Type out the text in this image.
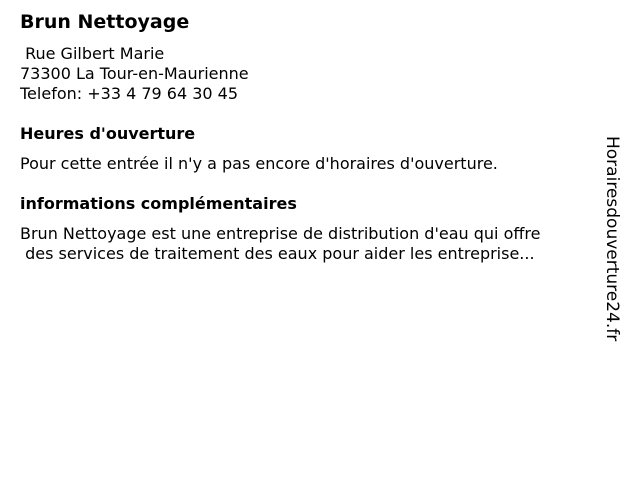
Brun Nettoyage
Rue Gilbert Marie
73300 La Tour-en-Maurienne
Telefon: +33 4 79 64 30 45
Heures d'ouverture
Pour cette entrée il n'y a pas encore d'horaires d'ouverture.
informations complémentaires
Brun Nettoyage est une entreprise de distribution d'eau qui offre
des services de traitement des eaux pour aider les entreprise...	Horairesdouverture24.fr
